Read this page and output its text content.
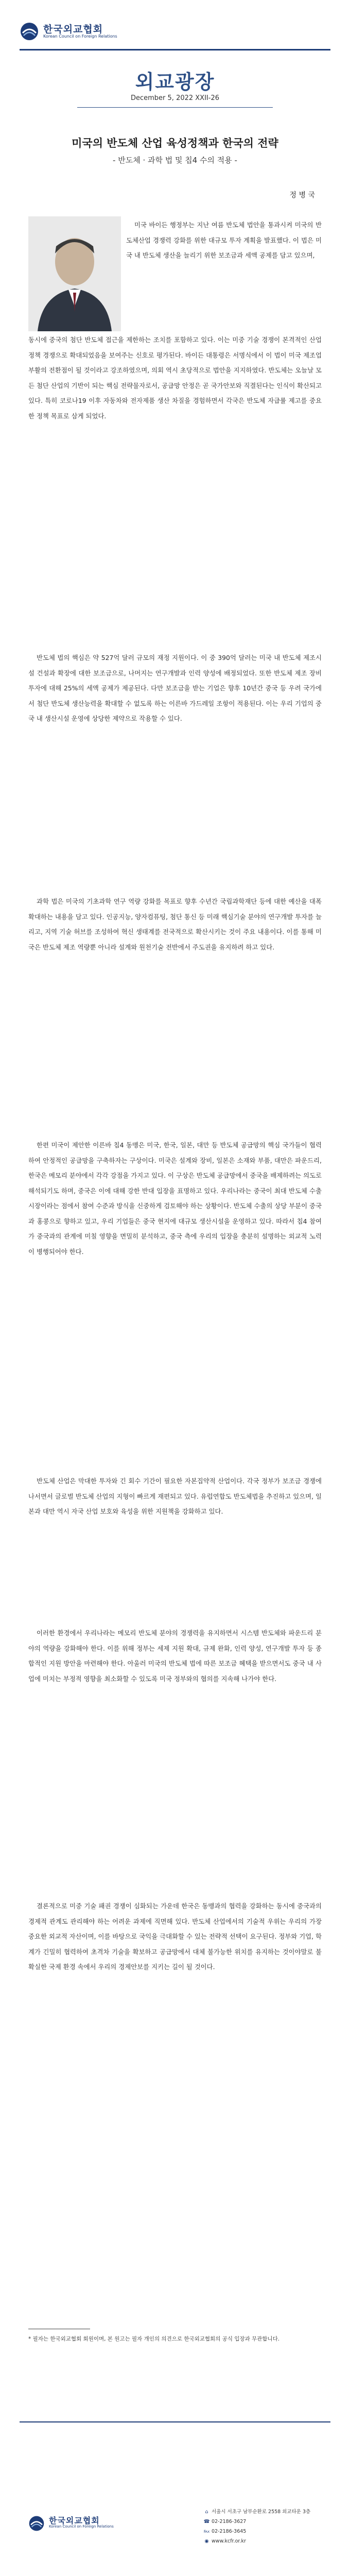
한국외교협회
Korean Council on Foreign Relations
외교광장
December 5, 2022 XXII-26
미국의 반도체 산업 육성정책과 한국의 전략
- 반도체 · 과학 법 및 칩4 수의 적용 -
정 병 국

미국 바이든 행정부는 지난 여름 반도체 법안을 통과시켜 미국의 반도체산업 경쟁력 강화를 위한 대규모 투자 계획을 발표했다. 이 법은 미국 내 반도체 생산을 늘리기 위한 보조금과 세액 공제를 담고 있으며,

동시에 중국의 첨단 반도체 접근을 제한하는 조치를 포함하고 있다. 이는 미중 기술 경쟁이 본격적인 산업정책 경쟁으로 확대되었음을 보여주는 신호로 평가된다. 바이든 대통령은 서명식에서 이 법이 미국 제조업 부활의 전환점이 될 것이라고 강조하였으며, 의회 역시 초당적으로 법안을 지지하였다. 반도체는 오늘날 모든 첨단 산업의 기반이 되는 핵심 전략물자로서, 공급망 안정은 곧 국가안보와 직결된다는 인식이 확산되고 있다. 특히 코로나19 이후 자동차와 전자제품 생산 차질을 경험하면서 각국은 반도체 자급률 제고를 중요한 정책 목표로 삼게 되었다.

반도체 법의 핵심은 약 527억 달러 규모의 재정 지원이다. 이 중 390억 달러는 미국 내 반도체 제조시설 건설과 확장에 대한 보조금으로, 나머지는 연구개발과 인력 양성에 배정되었다. 또한 반도체 제조 장비 투자에 대해 25%의 세액 공제가 제공된다. 다만 보조금을 받는 기업은 향후 10년간 중국 등 우려 국가에서 첨단 반도체 생산능력을 확대할 수 없도록 하는 이른바 가드레일 조항이 적용된다. 이는 우리 기업의 중국 내 생산시설 운영에 상당한 제약으로 작용할 수 있다.

과학 법은 미국의 기초과학 연구 역량 강화를 목표로 향후 수년간 국립과학재단 등에 대한 예산을 대폭 확대하는 내용을 담고 있다. 인공지능, 양자컴퓨팅, 첨단 통신 등 미래 핵심기술 분야의 연구개발 투자를 늘리고, 지역 기술 허브를 조성하여 혁신 생태계를 전국적으로 확산시키는 것이 주요 내용이다. 이를 통해 미국은 반도체 제조 역량뿐 아니라 설계와 원천기술 전반에서 주도권을 유지하려 하고 있다.

한편 미국이 제안한 이른바 칩4 동맹은 미국, 한국, 일본, 대만 등 반도체 공급망의 핵심 국가들이 협력하여 안정적인 공급망을 구축하자는 구상이다. 미국은 설계와 장비, 일본은 소재와 부품, 대만은 파운드리, 한국은 메모리 분야에서 각각 강점을 가지고 있다. 이 구상은 반도체 공급망에서 중국을 배제하려는 의도로 해석되기도 하며, 중국은 이에 대해 강한 반대 입장을 표명하고 있다. 우리나라는 중국이 최대 반도체 수출시장이라는 점에서 참여 수준과 방식을 신중하게 검토해야 하는 상황이다. 반도체 수출의 상당 부분이 중국과 홍콩으로 향하고 있고, 우리 기업들은 중국 현지에 대규모 생산시설을 운영하고 있다. 따라서 칩4 참여가 중국과의 관계에 미칠 영향을 면밀히 분석하고, 중국 측에 우리의 입장을 충분히 설명하는 외교적 노력이 병행되어야 한다.

반도체 산업은 막대한 투자와 긴 회수 기간이 필요한 자본집약적 산업이다. 각국 정부가 보조금 경쟁에 나서면서 글로벌 반도체 산업의 지형이 빠르게 재편되고 있다. 유럽연합도 반도체법을 추진하고 있으며, 일본과 대만 역시 자국 산업 보호와 육성을 위한 지원책을 강화하고 있다.

이러한 환경에서 우리나라는 메모리 반도체 분야의 경쟁력을 유지하면서 시스템 반도체와 파운드리 분야의 역량을 강화해야 한다. 이를 위해 정부는 세제 지원 확대, 규제 완화, 인력 양성, 연구개발 투자 등 종합적인 지원 방안을 마련해야 한다. 아울러 미국의 반도체 법에 따른 보조금 혜택을 받으면서도 중국 내 사업에 미치는 부정적 영향을 최소화할 수 있도록 미국 정부와의 협의를 지속해 나가야 한다.

결론적으로 미중 기술 패권 경쟁이 심화되는 가운데 한국은 동맹과의 협력을 강화하는 동시에 중국과의 경제적 관계도 관리해야 하는 어려운 과제에 직면해 있다. 반도체 산업에서의 기술적 우위는 우리의 가장 중요한 외교적 자산이며, 이를 바탕으로 국익을 극대화할 수 있는 전략적 선택이 요구된다. 정부와 기업, 학계가 긴밀히 협력하여 초격차 기술을 확보하고 공급망에서 대체 불가능한 위치를 유지하는 것이야말로 불확실한 국제 환경 속에서 우리의 경제안보를 지키는 길이 될 것이다.

* 필자는 한국외교협회 회원이며, 본 원고는 필자 개인의 의견으로 한국외교협회의 공식 입장과 무관합니다.
한국외교협회
Korean Council on Foreign Relations
⌂ 서울시 서초구 남부순환로 2558 외교타운 3층
☎ 02-2186-3627
℻ 02-2186-3645
◉ www.kcfr.or.kr
